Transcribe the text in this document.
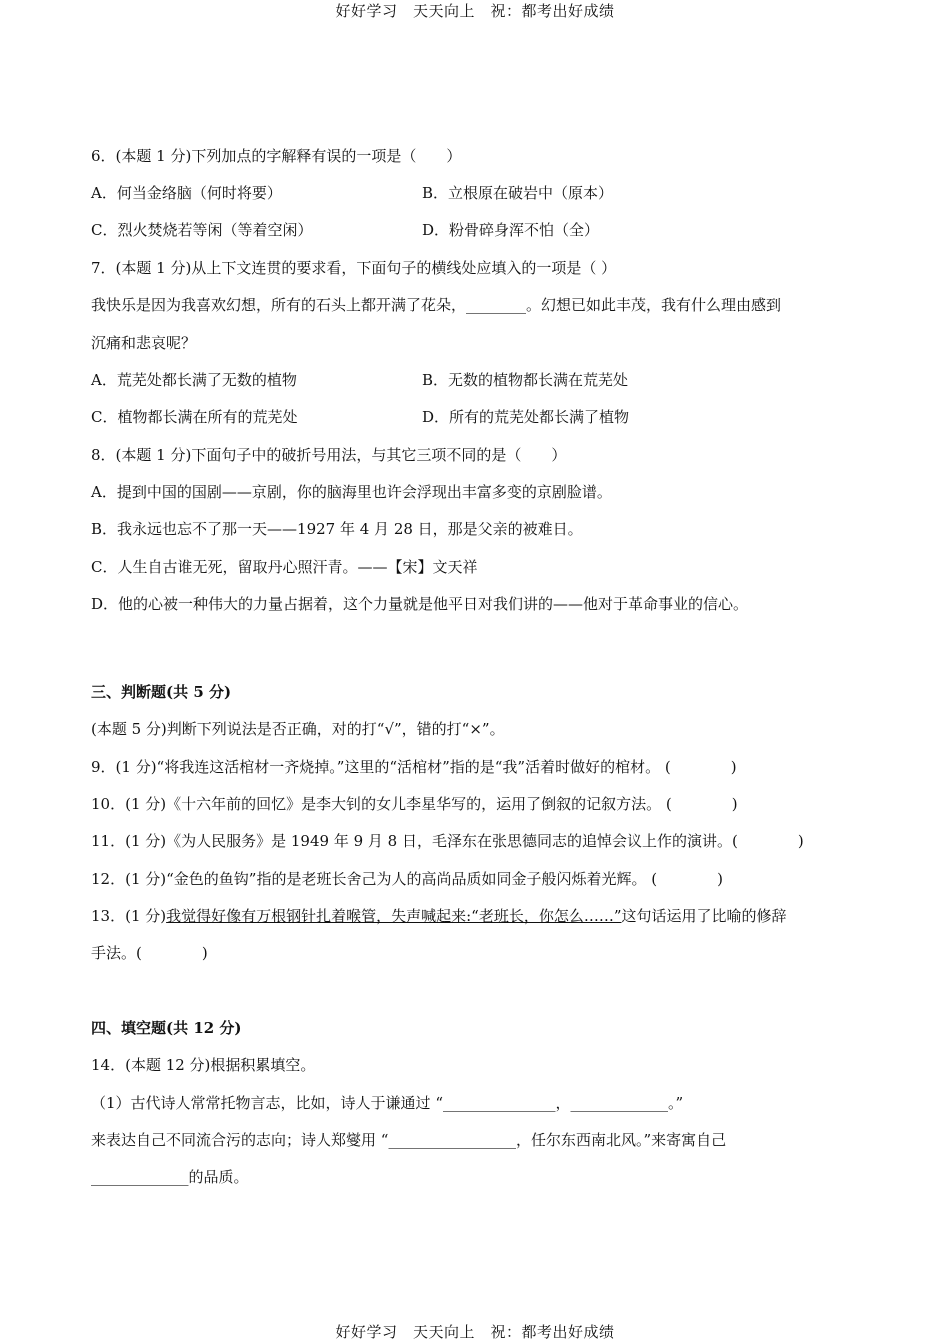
好好学习　天天向上　祝：都考出好成绩
6．(本题 1 分)下列加点的字解释有误的一项是（　　）
A．何当金络脑（何时将要）	B．立根原在破岩中（原本）
C．烈火焚烧若等闲（等着空闲）	D．粉骨碎身浑不怕（全）
7．(本题 1 分)从上下文连贯的要求看，下面句子的横线处应填入的一项是（ ）
我快乐是因为我喜欢幻想，所有的石头上都开满了花朵，________。幻想已如此丰茂，我有什么理由感到
沉痛和悲哀呢？
A．荒芜处都长满了无数的植物	B．无数的植物都长满在荒芜处
C．植物都长满在所有的荒芜处	D．所有的荒芜处都长满了植物
8．(本题 1 分)下面句子中的破折号用法，与其它三项不同的是（　　）
A．提到中国的国剧——京剧，你的脑海里也许会浮现出丰富多变的京剧脸谱。
B．我永远也忘不了那一天——1927 年 4 月 28 日，那是父亲的被难日。
C．人生自古谁无死，留取丹心照汗青。——【宋】文天祥
D．他的心被一种伟大的力量占据着，这个力量就是他平日对我们讲的——他对于革命事业的信心。
三、判断题(共 5 分)
(本题 5 分)判断下列说法是否正确，对的打“√”，错的打“×”。
9．(1 分)“将我连这活棺材一齐烧掉。”这里的“活棺材”指的是“我”活着时做好的棺材。 (　　　　)
10．(1 分)《十六年前的回忆》是李大钊的女儿李星华写的，运用了倒叙的记叙方法。 (　　　　)
11．(1 分)《为人民服务》是 1949 年 9 月 8 日，毛泽东在张思德同志的追悼会议上作的演讲。(　　　　)
12．(1 分)“金色的鱼钩”指的是老班长舍己为人的高尚品质如同金子般闪烁着光辉。 (　　　　)
13．(1 分)我觉得好像有万根钢针扎着喉管，失声喊起来:“老班长，你怎么……”这句话运用了比喻的修辞
手法。(　　　　)
四、填空题(共 12 分)
14．(本题 12 分)根据积累填空。
（1）古代诗人常常托物言志，比如，诗人于谦通过 “_______________，_____________。”
来表达自己不同流合污的志向；诗人郑燮用 “_________________，任尔东西南北风。”来寄寓自己
_____________的品质。
好好学习　天天向上　祝：都考出好成绩
